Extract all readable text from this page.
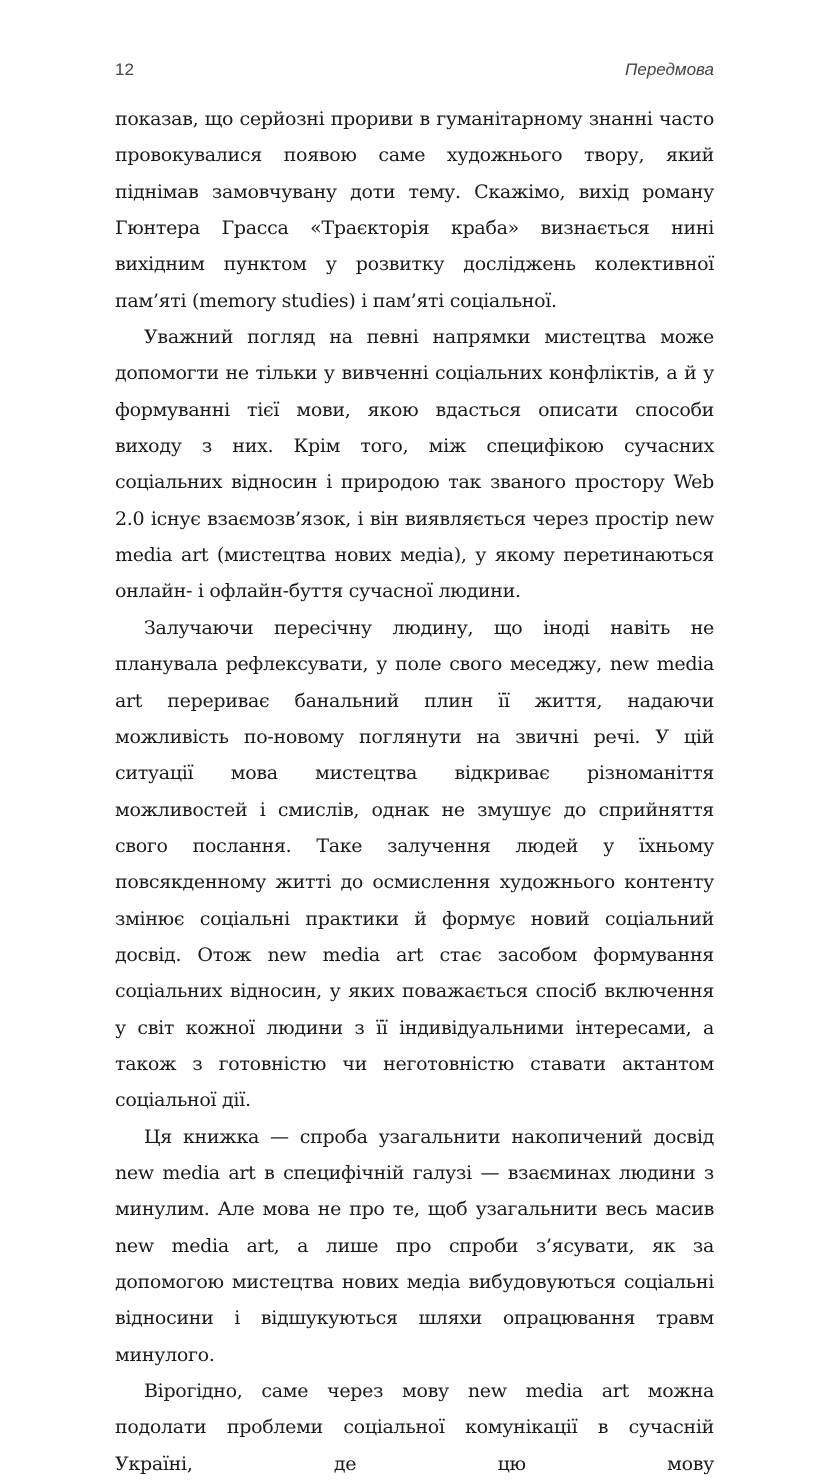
12	Передмова

показав, що серйозні прориви в гуманітарному знанні часто провокувалися появою саме художнього твору, який піднімав замовчувану доти тему. Скажімо, вихід роману Гюнтера Грасса «Траєкторія краба» визнається нині вихідним пунктом у розвитку досліджень колективної пам’яті (memory studies) і пам’яті соціальної.

Уважний погляд на певні напрямки мистецтва може допомогти не тільки у вивченні соціальних конфліктів, а й у формуванні тієї мови, якою вдасться описати способи виходу з них. Крім того, між специфікою сучасних соціальних відносин і природою так званого простору Web 2.0 існує взаємозв’язок, і він виявляється через простір new media art (мистецтва нових медіа), у якому перетинаються онлайн- і офлайн-буття сучасної людини.

Залучаючи пересічну людину, що іноді навіть не планувала рефлексувати, у поле свого меседжу, new media art перериває банальний плин її життя, надаючи можливість по-новому поглянути на звичні речі. У цій ситуації мова мистецтва відкриває різноманіття можливостей і смислів, однак не змушує до сприйняття свого послання. Таке залучення людей у їхньому повсякденному житті до осмислення художнього контенту змінює соціальні практики й формує новий соціальний досвід. Отож new media art стає засобом формування соціальних відносин, у яких поважається спосіб включення у світ кожної людини з її індивідуальними інтересами, а також з готовністю чи неготовністю ставати актантом соціальної дії.

Ця книжка — спроба узагальнити накопичений досвід new media art в специфічній галузі — взаєминах людини з минулим. Але мова не про те, щоб узагальнити весь масив new media art, а лише про спроби з’ясувати, як за допомогою мистецтва нових медіа вибудовуються соціальні відносини і відшукуються шляхи опрацювання травм минулого.

Вірогідно, саме через мову new media art можна подолати проблеми соціальної комунікації в сучасній Україні, де цю мову
